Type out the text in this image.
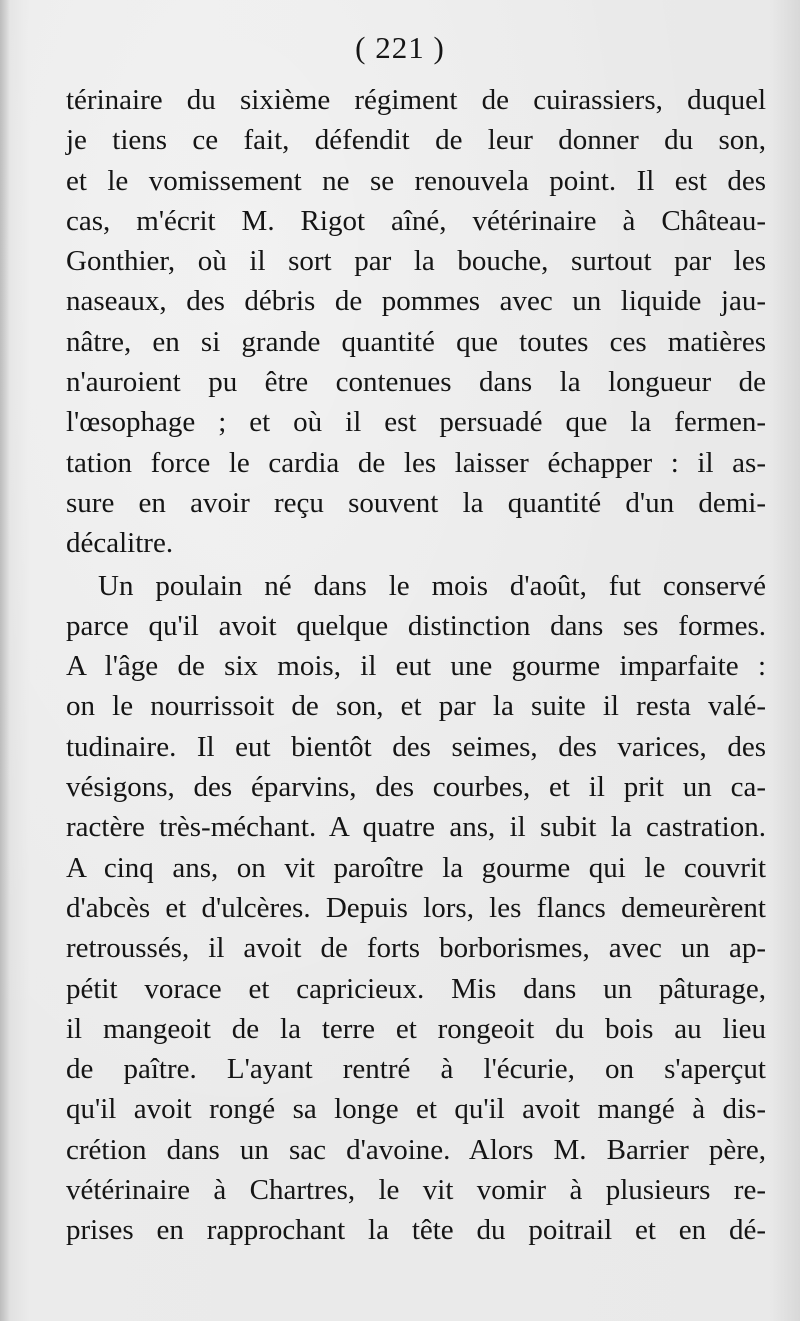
( 221 )
térinaire du sixième régiment de cuirassiers, duquel
je tiens ce fait, défendit de leur donner du son,
et le vomissement ne se renouvela point. Il est des
cas, m'écrit M. Rigot aîné, vétérinaire à Château-
Gonthier, où il sort par la bouche, surtout par les
naseaux, des débris de pommes avec un liquide jau-
nâtre, en si grande quantité que toutes ces matières
n'auroient pu être contenues dans la longueur de
l'œsophage ; et où il est persuadé que la fermen-
tation force le cardia de les laisser échapper : il as-
sure en avoir reçu souvent la quantité d'un demi-
décalitre.
Un poulain né dans le mois d'août, fut conservé
parce qu'il avoit quelque distinction dans ses formes.
A l'âge de six mois, il eut une gourme imparfaite :
on le nourrissoit de son, et par la suite il resta valé-
tudinaire. Il eut bientôt des seimes, des varices, des
vésigons, des éparvins, des courbes, et il prit un ca-
ractère très-méchant. A quatre ans, il subit la castration.
A cinq ans, on vit paroître la gourme qui le couvrit
d'abcès et d'ulcères. Depuis lors, les flancs demeurèrent
retroussés, il avoit de forts borborismes, avec un ap-
pétit vorace et capricieux. Mis dans un pâturage,
il mangeoit de la terre et rongeoit du bois au lieu
de paître. L'ayant rentré à l'écurie, on s'aperçut
qu'il avoit rongé sa longe et qu'il avoit mangé à dis-
crétion dans un sac d'avoine. Alors M. Barrier père,
vétérinaire à Chartres, le vit vomir à plusieurs re-
prises en rapprochant la tête du poitrail et en dé-
